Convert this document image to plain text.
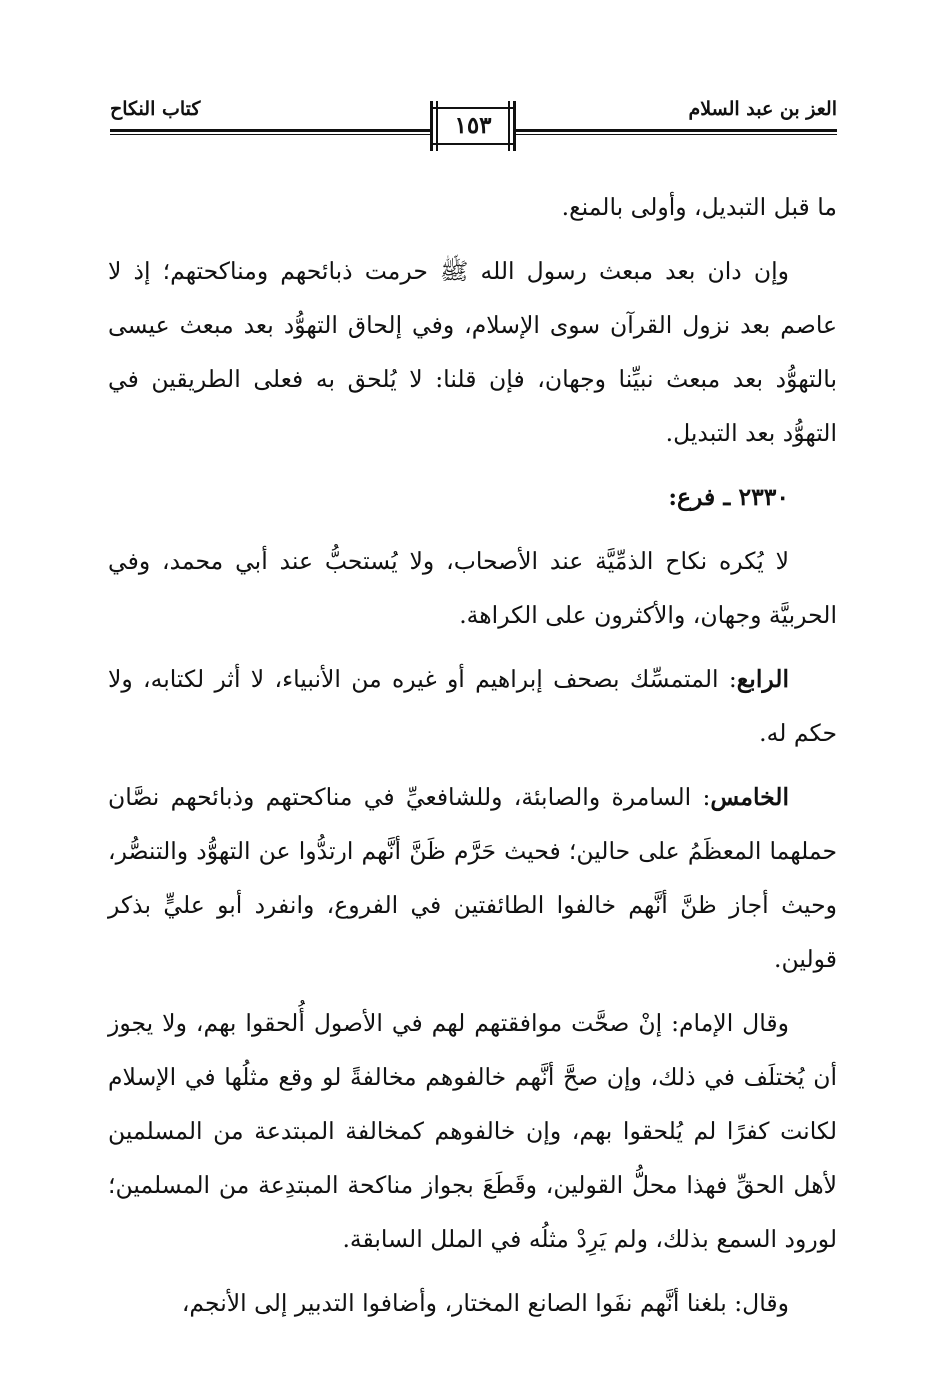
العز بن عبد السلام
كتاب النكاح
١٥٣

ما قبل التبديل، وأولى بالمنع.

وإن دان بعد مبعث رسول الله ﷺ حرمت ذبائحهم ومناكحتهم؛ إذ لا عاصم بعد نزول القرآن سوى الإسلام، وفي إلحاق التهوُّد بعد مبعث عيسى بالتهوُّد بعد مبعث نبيِّنا وجهان، فإن قلنا: لا يُلحق به فعلى الطريقين في التهوُّد بعد التبديل.

٢٣٣٠ ـ فرع:

لا يُكره نكاح الذمِّيَّة عند الأصحاب، ولا يُستحبُّ عند أبي محمد، وفي الحربيَّة وجهان، والأكثرون على الكراهة.

الرابع: المتمسِّك بصحف إبراهيم أو غيره من الأنبياء، لا أثر لكتابه، ولا حكم له.

الخامس: السامرة والصابئة، وللشافعيِّ في مناكحتهم وذبائحهم نصَّان حملهما المعظَمُ على حالين؛ فحيث حَرَّم ظَنَّ أنَّهم ارتدُّوا عن التهوُّد والتنصُّر، وحيث أجاز ظنَّ أنَّهم خالفوا الطائفتين في الفروع، وانفرد أبو عليٍّ بذكر قولين.

وقال الإمام: إنْ صحَّت موافقتهم لهم في الأصول أُلحقوا بهم، ولا يجوز أن يُختلَف في ذلك، وإن صحَّ أنَّهم خالفوهم مخالفةً لو وقع مثلُها في الإسلام لكانت كفرًا لم يُلحقوا بهم، وإن خالفوهم كمخالفة المبتدعة من المسلمين لأهل الحقِّ فهذا محلُّ القولين، وقَطَعَ بجواز مناكحة المبتدِعة من المسلمين؛ لورود السمع بذلك، ولم يَرِدْ مثلُه في الملل السابقة.

وقال: بلغنا أنَّهم نفَوا الصانع المختار، وأضافوا التدبير إلى الأنجم،
